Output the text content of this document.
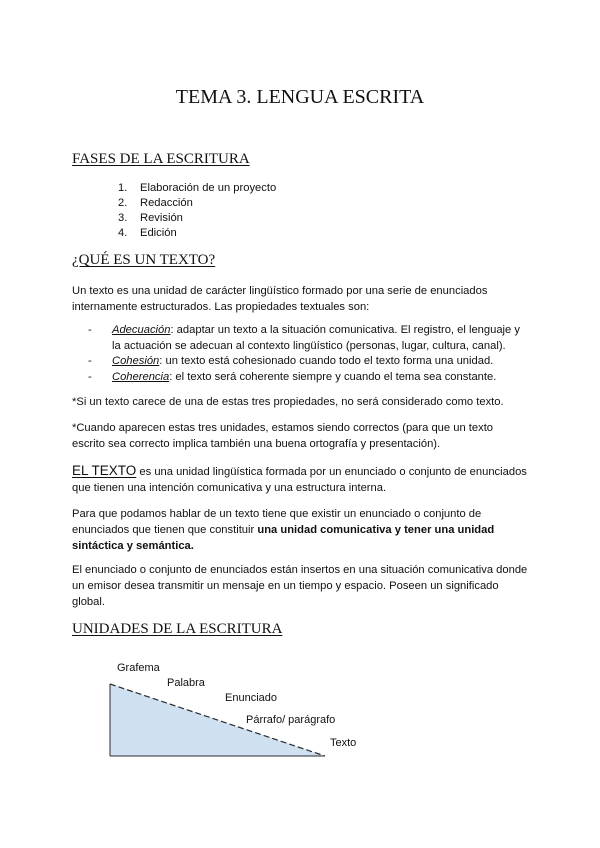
TEMA 3. LENGUA ESCRITA
FASES DE LA ESCRITURA
1. Elaboración de un proyecto
2. Redacción
3. Revisión
4. Edición
¿QUÉ ES UN TEXTO?
Un texto es una unidad de carácter lingüístico formado por una serie de enunciados internamente estructurados. Las propiedades textuales son:
- Adecuación: adaptar un texto a la situación comunicativa. El registro, el lenguaje y la actuación se adecuan al contexto lingüístico (personas, lugar, cultura, canal).
- Cohesión: un texto está cohesionado cuando todo el texto forma una unidad.
- Coherencia: el texto será coherente siempre y cuando el tema sea constante.
*Si un texto carece de una de estas tres propiedades, no será considerado como texto.
*Cuando aparecen estas tres unidades, estamos siendo correctos (para que un texto escrito sea correcto implica también una buena ortografía y presentación).
EL TEXTO es una unidad lingüística formada por un enunciado o conjunto de enunciados que tienen una intención comunicativa y una estructura interna.
Para que podamos hablar de un texto tiene que existir un enunciado o conjunto de enunciados que tienen que constituir una unidad comunicativa y tener una unidad sintáctica y semántica.
El enunciado o conjunto de enunciados están insertos en una situación comunicativa donde un emisor desea transmitir un mensaje en un tiempo y espacio. Poseen un significado global.
UNIDADES DE LA ESCRITURA
Grafema
Palabra
Enunciado
Párrafo/ parágrafo
Texto
